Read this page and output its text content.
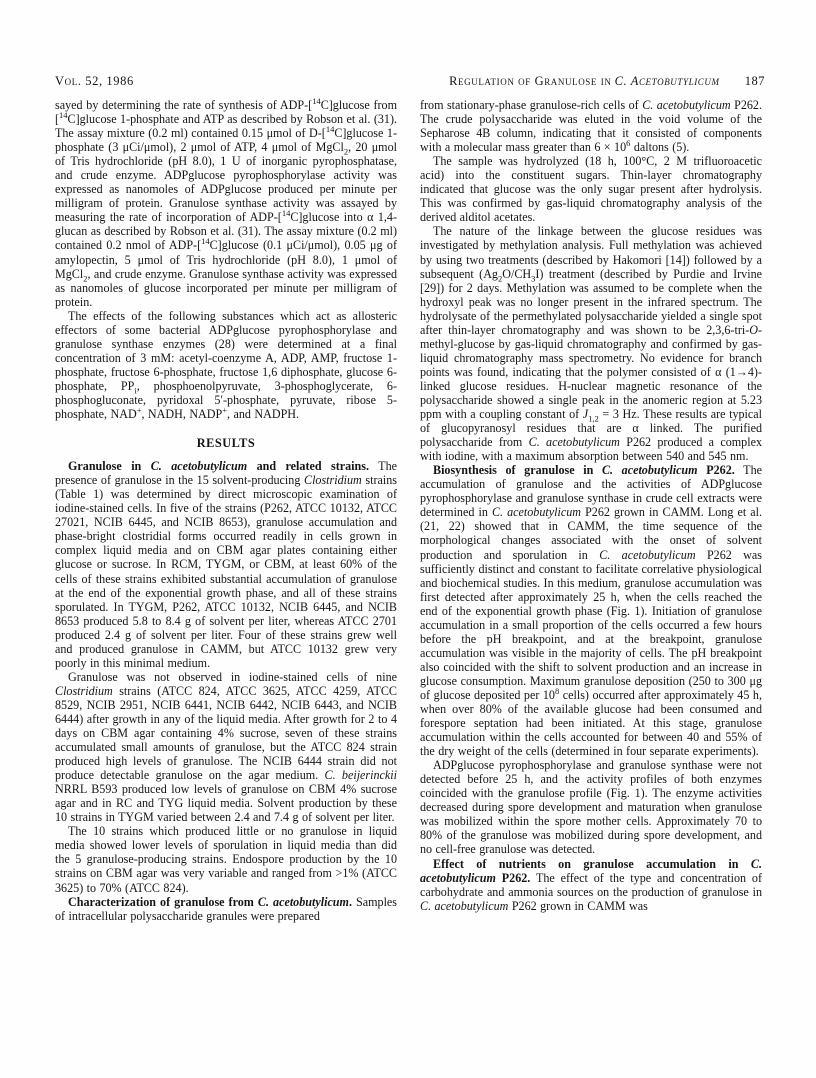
Vol. 52, 1986	Regulation of Granulose in C. Acetobutylicum 187

sayed by determining the rate of synthesis of ADP-[$^{14}$C]glucose from [$^{14}$C]glucose 1-phosphate and ATP as described by Robson et al. (31). The assay mixture (0.2 ml) contained 0.15 μmol of D-[$^{14}$C]glucose 1-phosphate (3 μCi/μmol), 2 μmol of ATP, 4 μmol of MgCl$_2$, 20 μmol of Tris hydrochloride (pH 8.0), 1 U of inorganic pyrophosphatase, and crude enzyme. ADPglucose pyrophosphorylase activity was expressed as nanomoles of ADPglucose produced per minute per milligram of protein. Granulose synthase activity was assayed by measuring the rate of incorporation of ADP-[$^{14}$C]glucose into α 1,4-glucan as described by Robson et al. (31). The assay mixture (0.2 ml) contained 0.2 nmol of ADP-[$^{14}$C]glucose (0.1 μCi/μmol), 0.05 μg of amylopectin, 5 μmol of Tris hydrochloride (pH 8.0), 1 μmol of MgCl$_2$, and crude enzyme. Granulose synthase activity was expressed as nanomoles of glucose incorporated per minute per milligram of protein.

The effects of the following substances which act as allosteric effectors of some bacterial ADPglucose pyrophosphorylase and granulose synthase enzymes (28) were determined at a final concentration of 3 mM: acetyl-coenzyme A, ADP, AMP, fructose 1-phosphate, fructose 6-phosphate, fructose 1,6 diphosphate, glucose 6-phosphate, $PP_i$, phosphoenolpyruvate, 3-phosphoglycerate, 6-phosphogluconate, pyridoxal 5′-phosphate, pyruvate, ribose 5-phosphate, NAD+, NADH, NADP+, and NADPH.

RESULTS

Granulose in C. acetobutylicum and related strains. The presence of granulose in the 15 solvent-producing Clostridium strains (Table 1) was determined by direct microscopic examination of iodine-stained cells. In five of the strains (P262, ATCC 10132, ATCC 27021, NCIB 6445, and NCIB 8653), granulose accumulation and phase-bright clostridial forms occurred readily in cells grown in complex liquid media and on CBM agar plates containing either glucose or sucrose. In RCM, TYGM, or CBM, at least 60% of the cells of these strains exhibited substantial accumulation of granulose at the end of the exponential growth phase, and all of these strains sporulated. In TYGM, P262, ATCC 10132, NCIB 6445, and NCIB 8653 produced 5.8 to 8.4 g of solvent per liter, whereas ATCC 2701 produced 2.4 g of solvent per liter. Four of these strains grew well and produced granulose in CAMM, but ATCC 10132 grew very poorly in this minimal medium.

Granulose was not observed in iodine-stained cells of nine Clostridium strains (ATCC 824, ATCC 3625, ATCC 4259, ATCC 8529, NCIB 2951, NCIB 6441, NCIB 6442, NCIB 6443, and NCIB 6444) after growth in any of the liquid media. After growth for 2 to 4 days on CBM agar containing 4% sucrose, seven of these strains accumulated small amounts of granulose, but the ATCC 824 strain produced high levels of granulose. The NCIB 6444 strain did not produce detectable granulose on the agar medium. C. beijerinckii NRRL B593 produced low levels of granulose on CBM 4% sucrose agar and in RC and TYG liquid media. Solvent production by these 10 strains in TYGM varied between 2.4 and 7.4 g of solvent per liter.

The 10 strains which produced little or no granulose in liquid media showed lower levels of sporulation in liquid media than did the 5 granulose-producing strains. Endospore production by the 10 strains on CBM agar was very variable and ranged from >1% (ATCC 3625) to 70% (ATCC 824).

Characterization of granulose from C. acetobutylicum. Samples of intracellular polysaccharide granules were prepared

from stationary-phase granulose-rich cells of C. acetobutylicum P262. The crude polysaccharide was eluted in the void volume of the Sepharose 4B column, indicating that it consisted of components with a molecular mass greater than $6 \times 10^6$ daltons (5).

The sample was hydrolyzed (18 h, 100°C, 2 M trifluoroacetic acid) into the constituent sugars. Thin-layer chromatography indicated that glucose was the only sugar present after hydrolysis. This was confirmed by gas-liquid chromatography analysis of the derived alditol acetates.

The nature of the linkage between the glucose residues was investigated by methylation analysis. Full methylation was achieved by using two treatments (described by Hakomori [14]) followed by a subsequent $(Ag_2O/CH_3I)$ treatment (described by Purdie and Irvine [29]) for 2 days. Methylation was assumed to be complete when the hydroxyl peak was no longer present in the infrared spectrum. The hydrolysate of the permethylated polysaccharide yielded a single spot after thin-layer chromatography and was shown to be 2,3,6-tri-O-methyl-glucose by gas-liquid chromatography and confirmed by gas-liquid chromatography mass spectrometry. No evidence for branch points was found, indicating that the polymer consisted of α (1→4)-linked glucose residues. H-nuclear magnetic resonance of the polysaccharide showed a single peak in the anomeric region at 5.23 ppm with a coupling constant of $J_{1,2} = 3$ Hz. These results are typical of glucopyranosyl residues that are α linked. The purified polysaccharide from C. acetobutylicum P262 produced a complex with iodine, with a maximum absorption between 540 and 545 nm.

Biosynthesis of granulose in C. acetobutylicum P262. The accumulation of granulose and the activities of ADPglucose pyrophosphorylase and granulose synthase in crude cell extracts were determined in C. acetobutylicum P262 grown in CAMM. Long et al. (21, 22) showed that in CAMM, the time sequence of the morphological changes associated with the onset of solvent production and sporulation in C. acetobutylicum P262 was sufficiently distinct and constant to facilitate correlative physiological and biochemical studies. In this medium, granulose accumulation was first detected after approximately 25 h, when the cells reached the end of the exponential growth phase (Fig. 1). Initiation of granulose accumulation in a small proportion of the cells occurred a few hours before the pH breakpoint, and at the breakpoint, granulose accumulation was visible in the majority of cells. The pH breakpoint also coincided with the shift to solvent production and an increase in glucose consumption. Maximum granulose deposition (250 to 300 μg of glucose deposited per $10^8$ cells) occurred after approximately 45 h, when over 80% of the available glucose had been consumed and forespore septation had been initiated. At this stage, granulose accumulation within the cells accounted for between 40 and 55% of the dry weight of the cells (determined in four separate experiments).

ADPglucose pyrophosphorylase and granulose synthase were not detected before 25 h, and the activity profiles of both enzymes coincided with the granulose profile (Fig. 1). The enzyme activities decreased during spore development and maturation when granulose was mobilized within the spore mother cells. Approximately 70 to 80% of the granulose was mobilized during spore development, and no cell-free granulose was detected.

Effect of nutrients on granulose accumulation in C. acetobutylicum P262. The effect of the type and concentration of carbohydrate and ammonia sources on the production of granulose in C. acetobutylicum P262 grown in CAMM was
